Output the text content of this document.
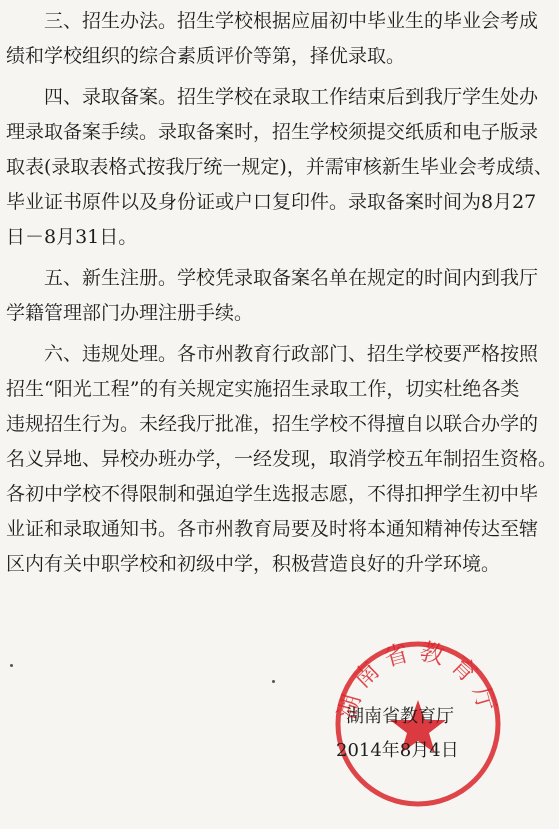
三、招生办法。招生学校根据应届初中毕业生的毕业会考成
绩和学校组织的综合素质评价等第，择优录取。

四、录取备案。招生学校在录取工作结束后到我厅学生处办
理录取备案手续。录取备案时，招生学校须提交纸质和电子版录
取表(录取表格式按我厅统一规定)，并需审核新生毕业会考成绩、
毕业证书原件以及身份证或户口复印件。录取备案时间为8月27
日－8月31日。

五、新生注册。学校凭录取备案名单在规定的时间内到我厅
学籍管理部门办理注册手续。

六、违规处理。各市州教育行政部门、招生学校要严格按照
招生“阳光工程”的有关规定实施招生录取工作，切实杜绝各类
违规招生行为。未经我厅批准，招生学校不得擅自以联合办学的
名义异地、异校办班办学，一经发现，取消学校五年制招生资格。
各初中学校不得限制和强迫学生选报志愿，不得扣押学生初中毕
业证和录取通知书。各市州教育局要及时将本通知精神传达至辖
区内有关中职学校和初级中学，积极营造良好的升学环境。

湖南省教育厅
湖南省教育厅
2014年8月4日
